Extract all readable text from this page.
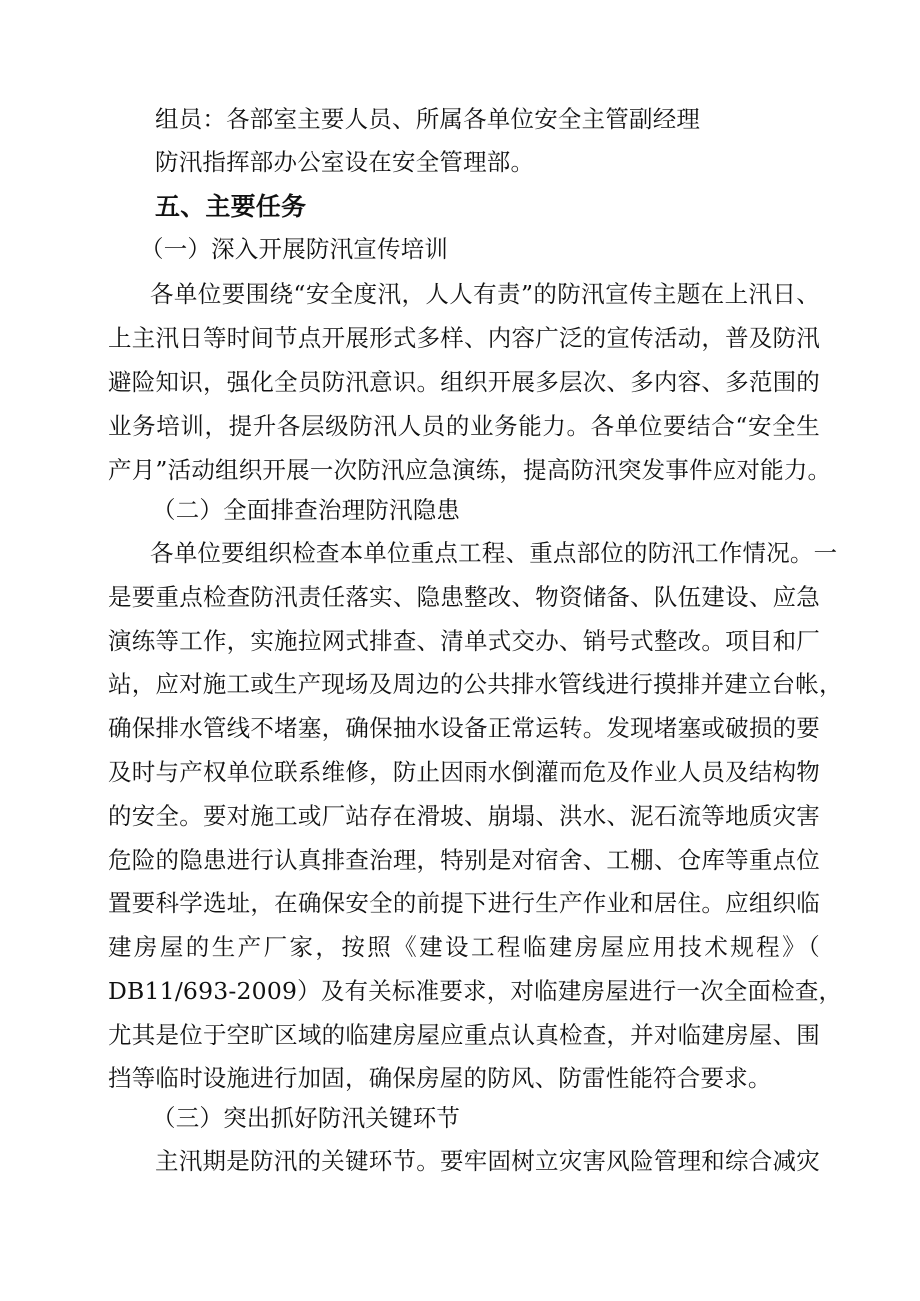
组员：各部室主要人员、所属各单位安全主管副经理
防汛指挥部办公室设在安全管理部。
五、主要任务
（一）深入开展防汛宣传培训
各单位要围绕“安全度汛，人人有责”的防汛宣传主题在上汛日、
上主汛日等时间节点开展形式多样、内容广泛的宣传活动，普及防汛
避险知识，强化全员防汛意识。组织开展多层次、多内容、多范围的
业务培训，提升各层级防汛人员的业务能力。各单位要结合“安全生
产月”活动组织开展一次防汛应急演练，提高防汛突发事件应对能力。
（二）全面排查治理防汛隐患
各单位要组织检查本单位重点工程、重点部位的防汛工作情况。一
是要重点检查防汛责任落实、隐患整改、物资储备、队伍建设、应急
演练等工作，实施拉网式排查、清单式交办、销号式整改。项目和厂
站，应对施工或生产现场及周边的公共排水管线进行摸排并建立台帐，
确保排水管线不堵塞，确保抽水设备正常运转。发现堵塞或破损的要
及时与产权单位联系维修，防止因雨水倒灌而危及作业人员及结构物
的安全。要对施工或厂站存在滑坡、崩塌、洪水、泥石流等地质灾害
危险的隐患进行认真排查治理，特别是对宿舍、工棚、仓库等重点位
置要科学选址，在确保安全的前提下进行生产作业和居住。应组织临
建房屋的生产厂家，按照《建设工程临建房屋应用技术规程》（
DB11/693-2009）及有关标准要求，对临建房屋进行一次全面检查，
尤其是位于空旷区域的临建房屋应重点认真检查，并对临建房屋、围
挡等临时设施进行加固，确保房屋的防风、防雷性能符合要求。
（三）突出抓好防汛关键环节
主汛期是防汛的关键环节。要牢固树立灾害风险管理和综合减灾
